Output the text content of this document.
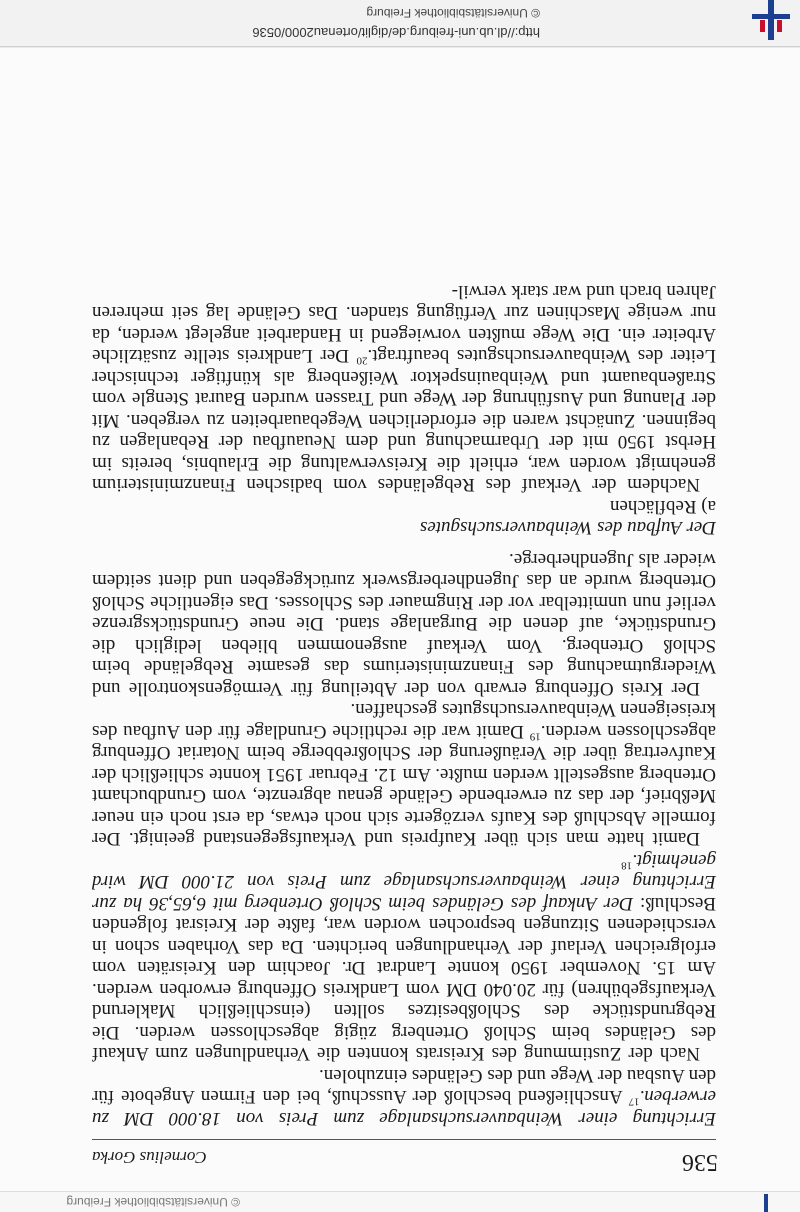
http://dl.ub.uni-freiburg.de/diglit/ortenau2000/0536
© Universitätsbibliothek Freiburg
536
Cornelius Gorka

Errichtung einer Weinbauversuchsanlage zum Preis von 18.000 DM zu erwerben.$^{17}$ Anschließend beschloß der Ausschuß, bei den Firmen Angebote für den Ausbau der Wege und des Geländes einzuholen.

Nach der Zustimmung des Kreisrats konnten die Verhandlungen zum Ankauf des Geländes beim Schloß Ortenberg zügig abgeschlossen werden. Die Rebgrundstücke des Schloßbesitzes sollten (einschließlich Maklerund Verkaufsgebühren) für 20.040 DM vom Landkreis Offenburg erworben werden. Am 15. November 1950 konnte Landrat Dr. Joachim den Kreisräten vom erfolgreichen Verlauf der Verhandlungen berichten. Da das Vorhaben schon in verschiedenen Sitzungen besprochen worden war, faßte der Kreisrat folgenden Beschluß: Der Ankauf des Geländes beim Schloß Ortenberg mit 6,65,36 ha zur Errichtung einer Weinbauversuchsanlage zum Preis von 21.000 DM wird genehmigt.$^{18}$

Damit hatte man sich über Kaufpreis und Verkaufsgegenstand geeinigt. Der formelle Abschluß des Kaufs verzögerte sich noch etwas, da erst noch ein neuer Meßbrief, der das zu erwerbende Gelände genau abgrenzte, vom Grundbuchamt Ortenberg ausgestellt werden mußte. Am 12. Februar 1951 konnte schließlich der Kaufvertrag über die Veräußerung der Schloßrebberge beim Notariat Offenburg abgeschlossen werden.$^{19}$ Damit war die rechtliche Grundlage für den Aufbau des kreiseigenen Weinbauversuchsgutes geschaffen.

Der Kreis Offenburg erwarb von der Abteilung für Vermögenskontrolle und Wiedergutmachung des Finanzministeriums das gesamte Rebgelände beim Schloß Ortenberg. Vom Verkauf ausgenommen blieben lediglich die Grundstücke, auf denen die Burganlage stand. Die neue Grundstücksgrenze verlief nun unmittelbar vor der Ringmauer des Schlosses. Das eigentliche Schloß Ortenberg wurde an das Jugendherbergswerk zurückgegeben und dient seitdem wieder als Jugendherberge.

Der Aufbau des Weinbauversuchsgutes

a) Rebflächen

Nachdem der Verkauf des Rebgeländes vom badischen Finanzministerium genehmigt worden war, erhielt die Kreisverwaltung die Erlaubnis, bereits im Herbst 1950 mit der Urbarmachung und dem Neuaufbau der Rebanlagen zu beginnen. Zunächst waren die erforderlichen Wegebauarbeiten zu vergeben. Mit der Planung und Ausführung der Wege und Trassen wurden Baurat Stengle vom Straßenbauamt und Weinbauinspektor Weißenberg als künftiger technischer Leiter des Weinbauversuchsgutes beauftragt.$^{20}$ Der Landkreis stellte zusätzliche Arbeiter ein. Die Wege mußten vorwiegend in Handarbeit angelegt werden, da nur wenige Maschinen zur Verfügung standen. Das Gelände lag seit mehreren Jahren brach und war stark verwil-

© Universitätsbibliothek Freiburg
